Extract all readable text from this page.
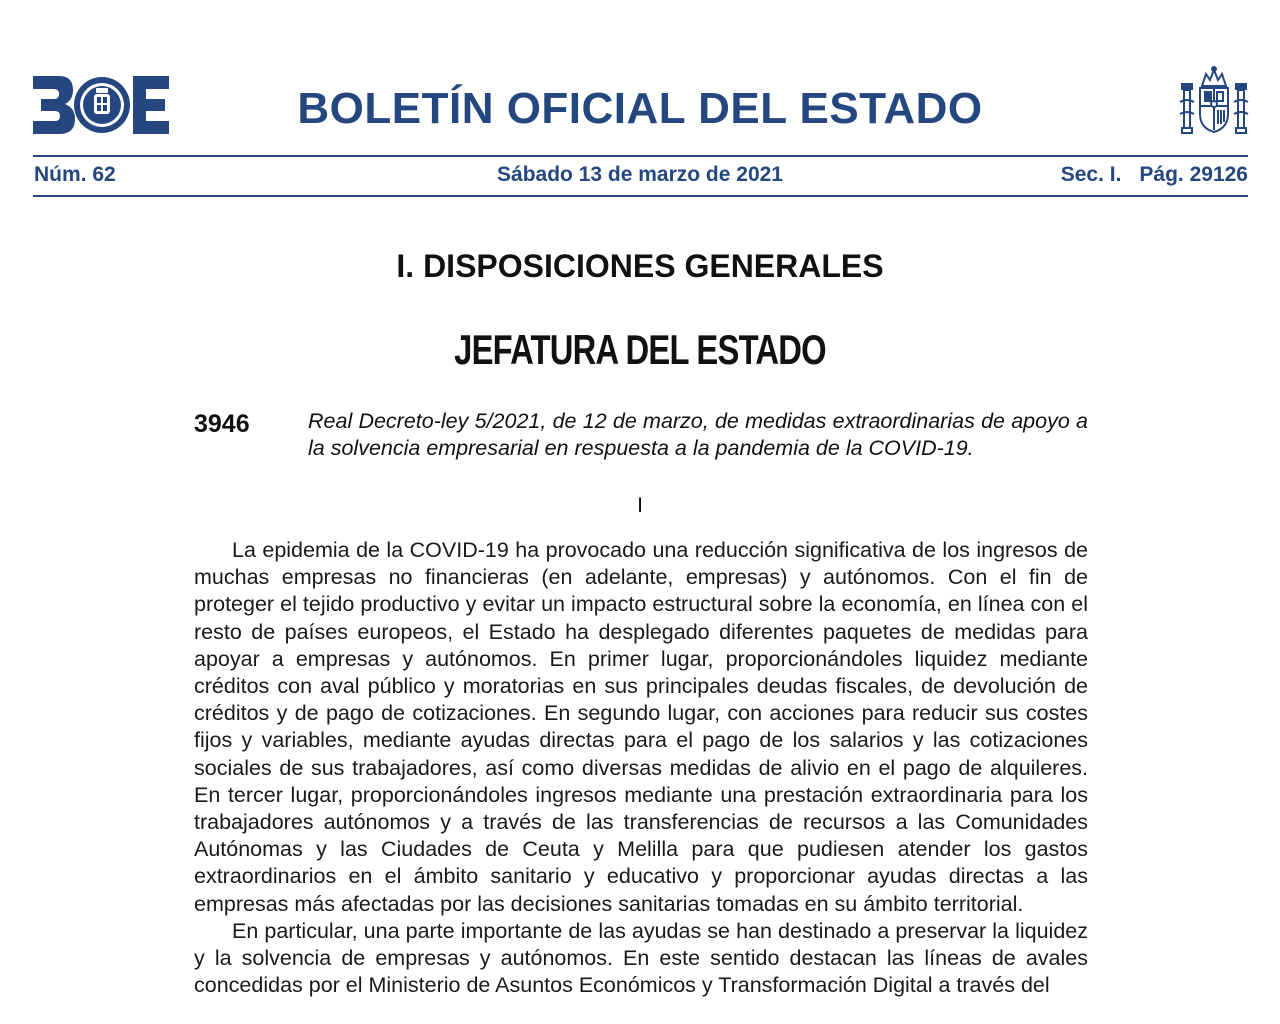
BOLETÍN OFICIAL DEL ESTADO
Núm. 62	Sábado 13 de marzo de 2021	Sec. I. Pág. 29126
I. DISPOSICIONES GENERALES
JEFATURA DEL ESTADO
3946	Real Decreto-ley 5/2021, de 12 de marzo, de medidas extraordinarias de apoyo a la solvencia empresarial en respuesta a la pandemia de la COVID-19.

I

La epidemia de la COVID-19 ha provocado una reducción significativa de los ingresos de muchas empresas no financieras (en adelante, empresas) y autónomos. Con el fin de proteger el tejido productivo y evitar un impacto estructural sobre la economía, en línea con el resto de países europeos, el Estado ha desplegado diferentes paquetes de medidas para apoyar a empresas y autónomos. En primer lugar, proporcionándoles liquidez mediante créditos con aval público y moratorias en sus principales deudas fiscales, de devolución de créditos y de pago de cotizaciones. En segundo lugar, con acciones para reducir sus costes fijos y variables, mediante ayudas directas para el pago de los salarios y las cotizaciones sociales de sus trabajadores, así como diversas medidas de alivio en el pago de alquileres. En tercer lugar, proporcionándoles ingresos mediante una prestación extraordinaria para los trabajadores autónomos y a través de las transferencias de recursos a las Comunidades Autónomas y las Ciudades de Ceuta y Melilla para que pudiesen atender los gastos extraordinarios en el ámbito sanitario y educativo y proporcionar ayudas directas a las empresas más afectadas por las decisiones sanitarias tomadas en su ámbito territorial.

En particular, una parte importante de las ayudas se han destinado a preservar la liquidez y la solvencia de empresas y autónomos. En este sentido destacan las líneas de avales concedidas por el Ministerio de Asuntos Económicos y Transformación Digital a través del
